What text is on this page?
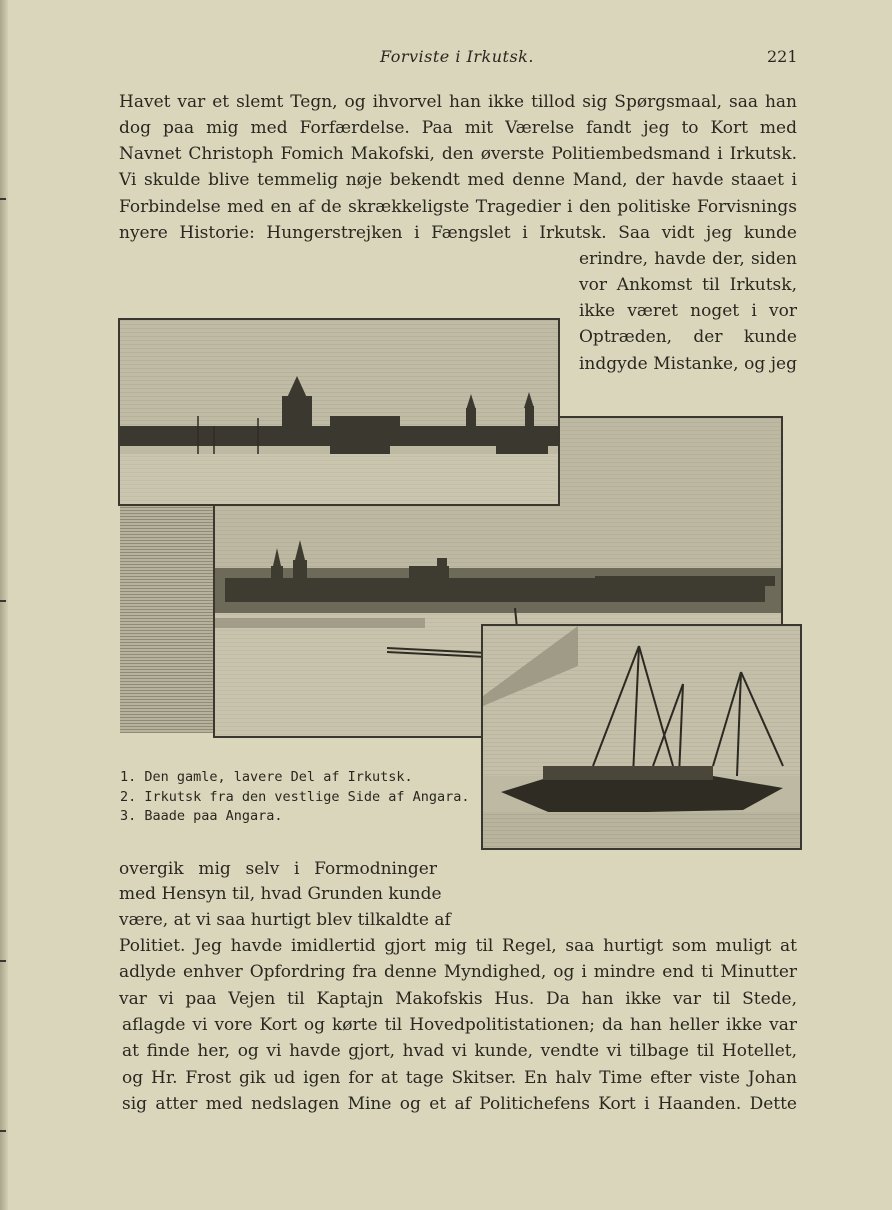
Forviste i Irkutsk.	221
Havet var et slemt Tegn, og ihvorvel han ikke tillod sig Spørgsmaal, saa han
dog paa mig med Forfærdelse. Paa mit Værelse fandt jeg to Kort med
Navnet Christoph Fomich Makofski, den øverste Politiembedsmand i Irkutsk.
Vi skulde blive temmelig nøje bekendt med denne Mand, der havde staaet i
Forbindelse med en af de skrækkeligste Tragedier i den politiske Forvisnings
nyere Historie: Hungerstrejken i Fængslet i Irkutsk. Saa vidt jeg kunde
erindre, havde der, siden
vor Ankomst til Irkutsk,
ikke været noget i vor
Optræden, der kunde
indgyde Mistanke, og jeg
1. Den gamle, lavere Del af Irkutsk.
2. Irkutsk fra den vestlige Side af Angara.
3. Baade paa Angara.
overgik mig selv i Formodninger
med Hensyn til, hvad Grunden kunde
være, at vi saa hurtigt blev tilkaldte af
Politiet. Jeg havde imidlertid gjort mig til Regel, saa hurtigt som muligt at
adlyde enhver Opfordring fra denne Myndighed, og i mindre end ti Minutter
var vi paa Vejen til Kaptajn Makofskis Hus. Da han ikke var til Stede,
aflagde vi vore Kort og kørte til Hovedpolitistationen; da han heller ikke var
at finde her, og vi havde gjort, hvad vi kunde, vendte vi tilbage til Hotellet,
og Hr. Frost gik ud igen for at tage Skitser. En halv Time efter viste Johan
sig atter med nedslagen Mine og et af Politichefens Kort i Haanden. Dette
